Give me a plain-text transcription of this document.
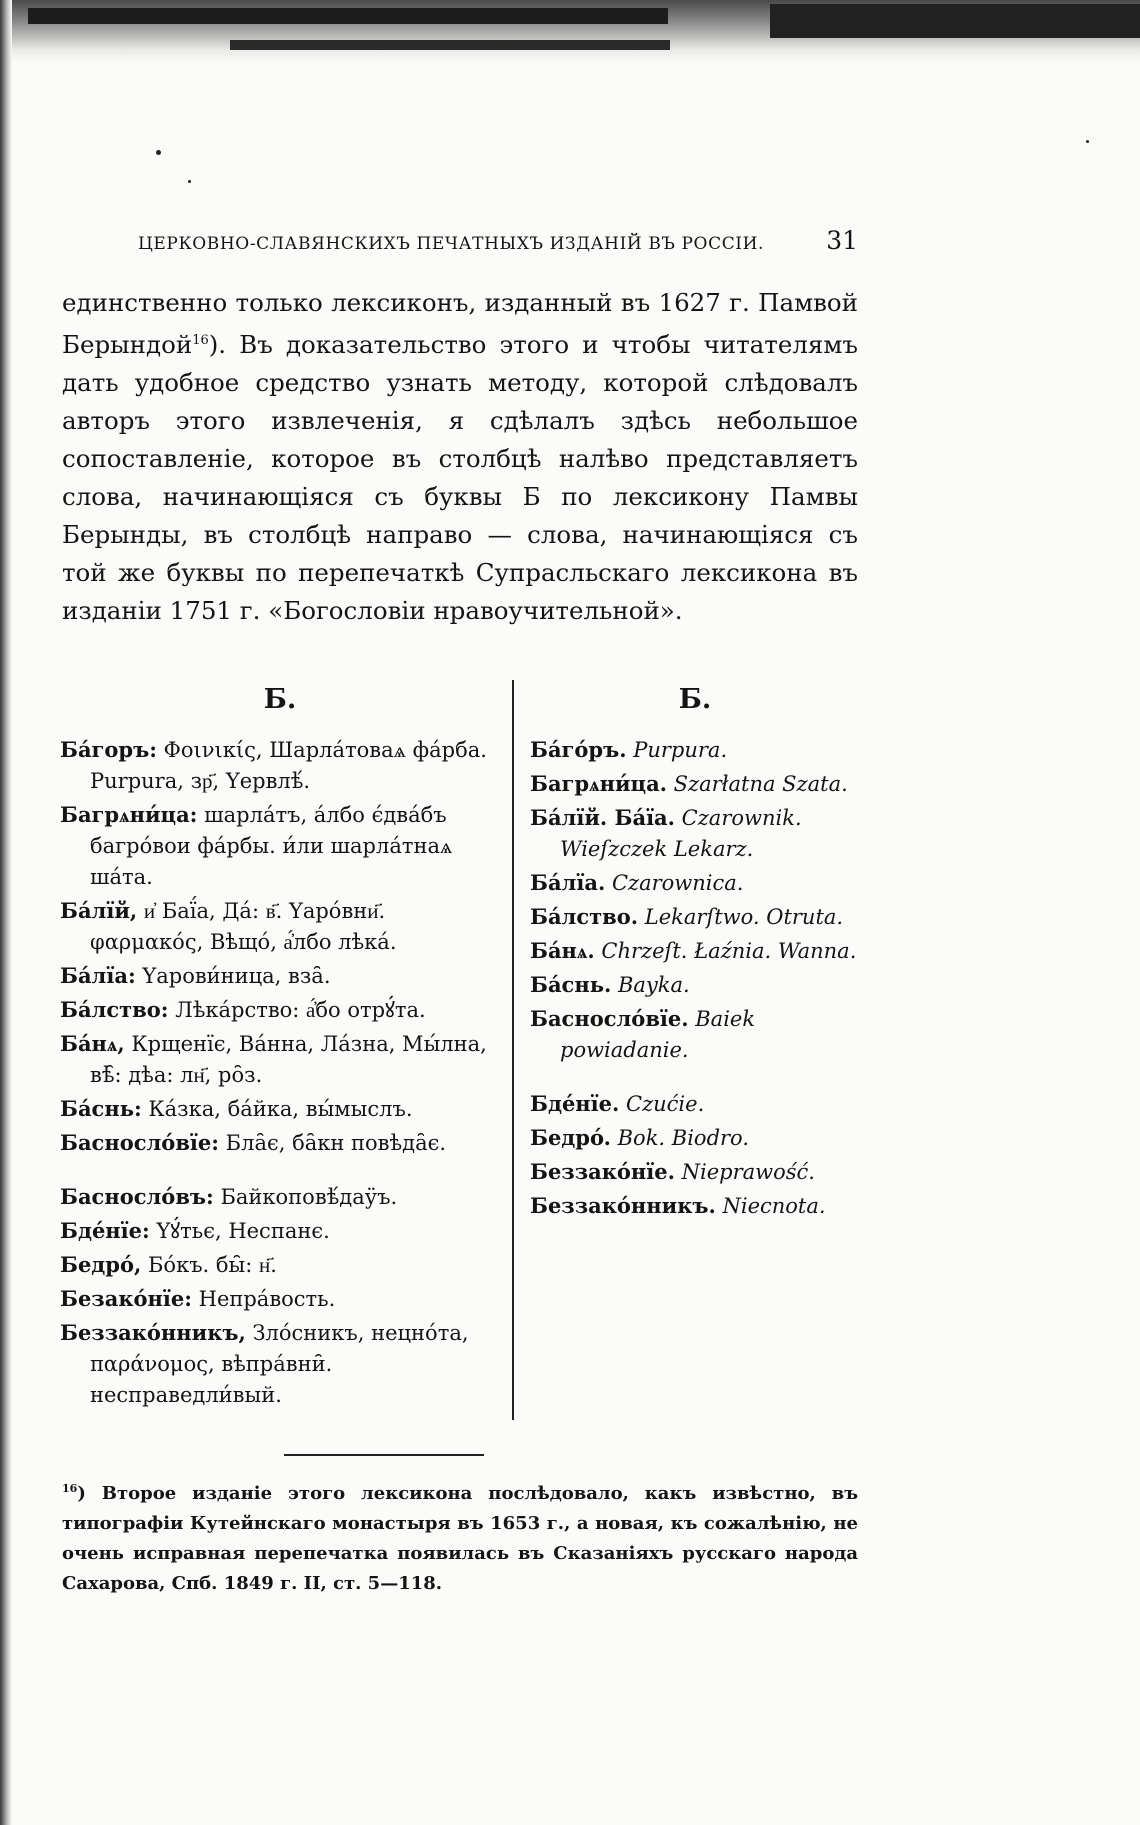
ЦЕРКОВНО-СЛАВЯНСКИХЪ ПЕЧАТНЫХЪ ИЗДАНІЙ ВЪ РОССІИ. 31

единственно только лексиконъ, изданный въ 1627 г. Памвой Берындой$^{16}$). Въ доказательство этого и чтобы читателямъ дать удобное средство узнать методу, которой слѣдовалъ авторъ этого извлеченія, я сдѣлалъ здѣсь небольшое сопоставленіе, которое въ столбцѣ налѣво представляетъ слова, начинающіяся съ буквы Б по лексикону Памвы Берынды, въ столбцѣ направо — слова, начинающіяся съ той же буквы по перепечаткѣ Супрасльскаго лексикона въ изданіи 1751 г. «Богословіи нравоучительной».

Б.
Бáгоръ: Φοινικίς, Шарлáтоваѧ фáрба. Purpura, зр҃, Үервлѣ́.
Багрѧни́ца: шарлáтъ, áлбо є́два́бъ багрóвои фáрбы. и́ли шарлáтнаѧ шáта.
Бáлїй, и҆ Баї́а, Да́: в҃. Үаро́вни҃. φαρμακός, Вѣщо́, а҆́лбо лѣка́.
Бáлїа: Үарови́ница, вза̑.
Бáлство: Лѣкáрство: а҆́бо отрꙋ́та.
Бáнѧ, Крщенїє, Вáнна, Лáзна, Мы́лна, вѣ̑: дѣа: лн҃, ро̑з.
Бáснь: Кáзка, бáйка, вы́мыслъ.
Баснослóвїе: Бла̑є, ба̑кн повѣда̑є.
Баснослóвъ: Байкоповѣ́даӱъ.
Бдéнїе: Үꙋ́тьє, Неспанє.
Бедрó, Бóкъ. бы̑: н҃.
Безакóнїе: Непрáвость.
Беззакóнникъ, Злóсникъ, нецнóта, παράνομος, вѣпрáвни̑. несправедли́вый.
Б.
Бáгóръ. Purpura.
Багрѧни́ца. Szarłatna Szata.
Бáлїй. Бáїа. Czarownik. Wieſzczek Lekarz.
Бáлїа. Czarownica.
Бáлство. Lekarſtwo. Otruta.
Бáнѧ. Chrzeſt. Łaźnia. Wanna.
Бáснь. Bayka.
Баснослóвїе. Baiek powiadanie.
Бдéнїе. Czućie.
Бедрó. Bok. Biodro.
Беззакóнїе. Nieprawość.
Беззакóнникъ. Niecnota.

$^{16}$) Второе изданіе этого лексикона послѣдовало, какъ извѣстно, въ типографіи Кутейнскаго монастыря въ 1653 г., а новая, къ сожалѣнію, не очень исправная перепечатка появилась въ Сказаніяхъ русскаго народа Сахарова, Спб. 1849 г. II, ст. 5—118.
